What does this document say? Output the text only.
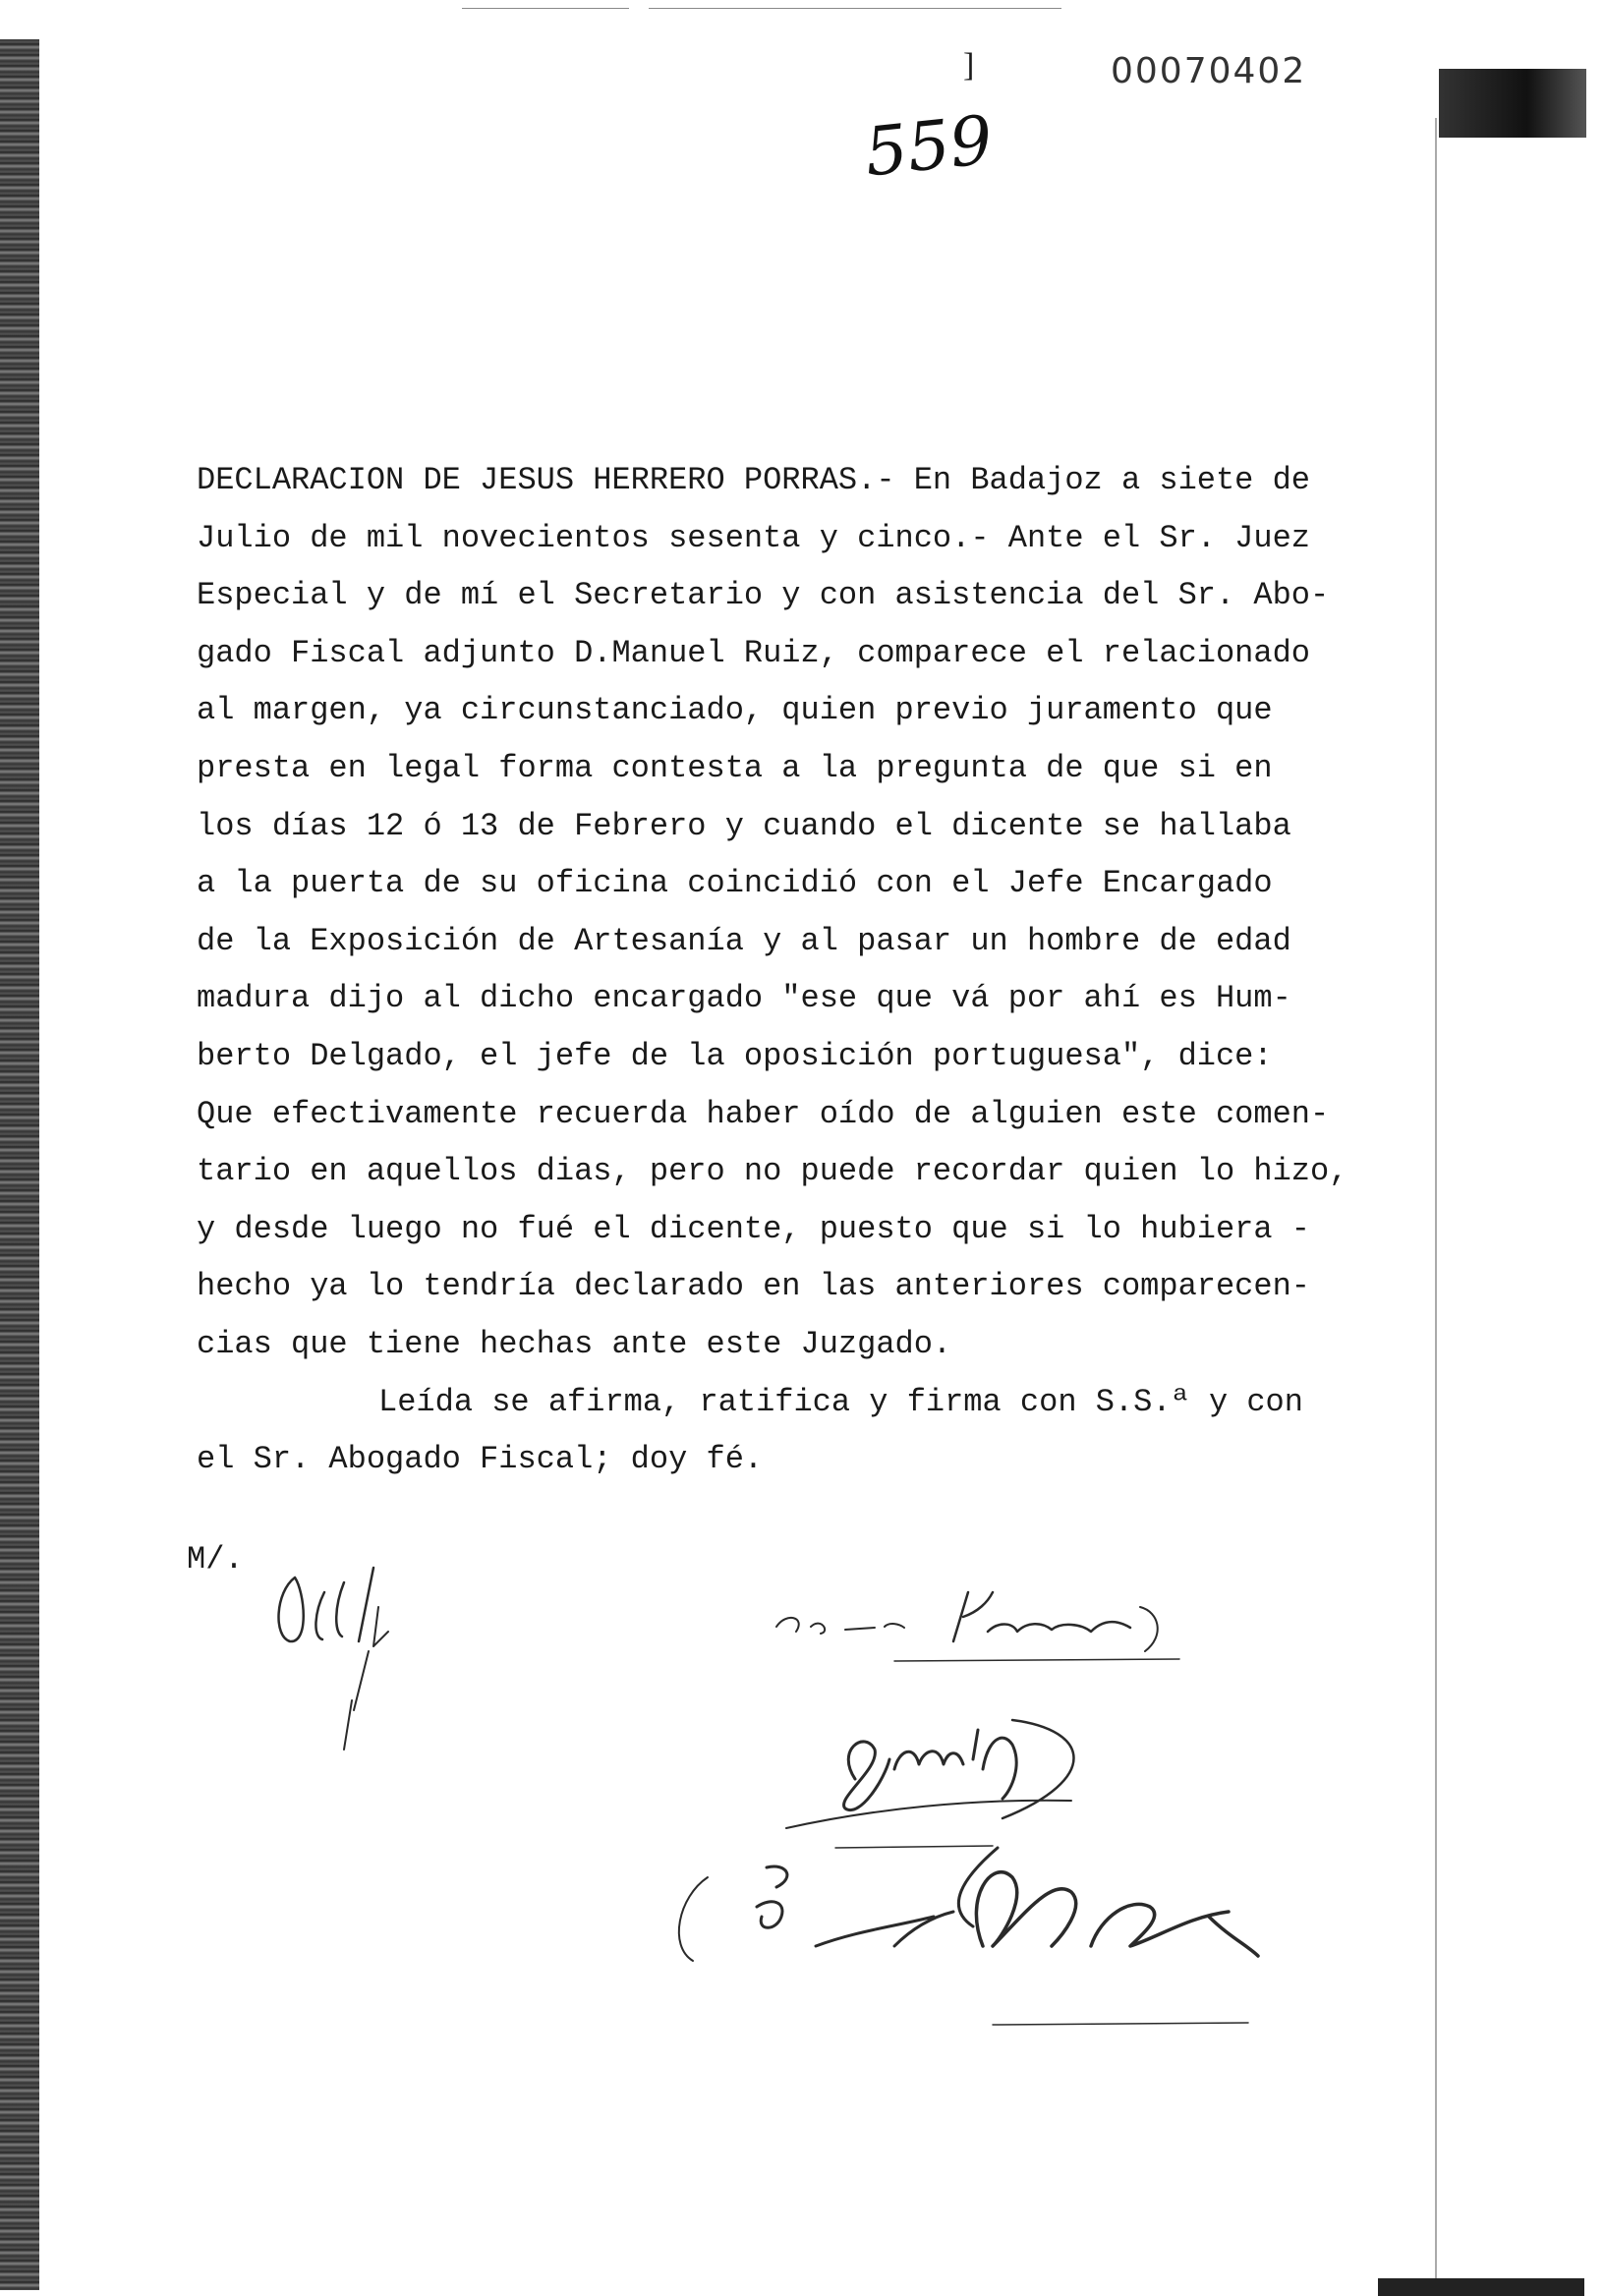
]	00070402
559
DECLARACION DE JESUS HERRERO PORRAS.- En Badajoz a siete de
Julio de mil novecientos sesenta y cinco.- Ante el Sr. Juez
Especial y de mí el Secretario y con asistencia del Sr. Abo-
gado Fiscal adjunto D.Manuel Ruiz, comparece el relacionado
al margen, ya circunstanciado, quien previo juramento que
presta en legal forma contesta a la pregunta de que si en
los días 12 ó 13 de Febrero y cuando el dicente se hallaba
a la puerta de su oficina coincidió con el Jefe Encargado
de la Exposición de Artesanía y al pasar un hombre de edad
madura dijo al dicho encargado "ese que vá por ahí es Hum-
berto Delgado, el jefe de la oposición portuguesa", dice:
Que efectivamente recuerda haber oído de alguien este comen-
tario en aquellos dias, pero no puede recordar quien lo hizo,
y desde luego no fué el dicente, puesto que si lo hubiera -
hecho ya lo tendría declarado en las anteriores comparecen-
cias que tiene hechas ante este Juzgado.
Leída se afirma, ratifica y firma con S.S.ª y con
el Sr. Abogado Fiscal; doy fé.
M/.
